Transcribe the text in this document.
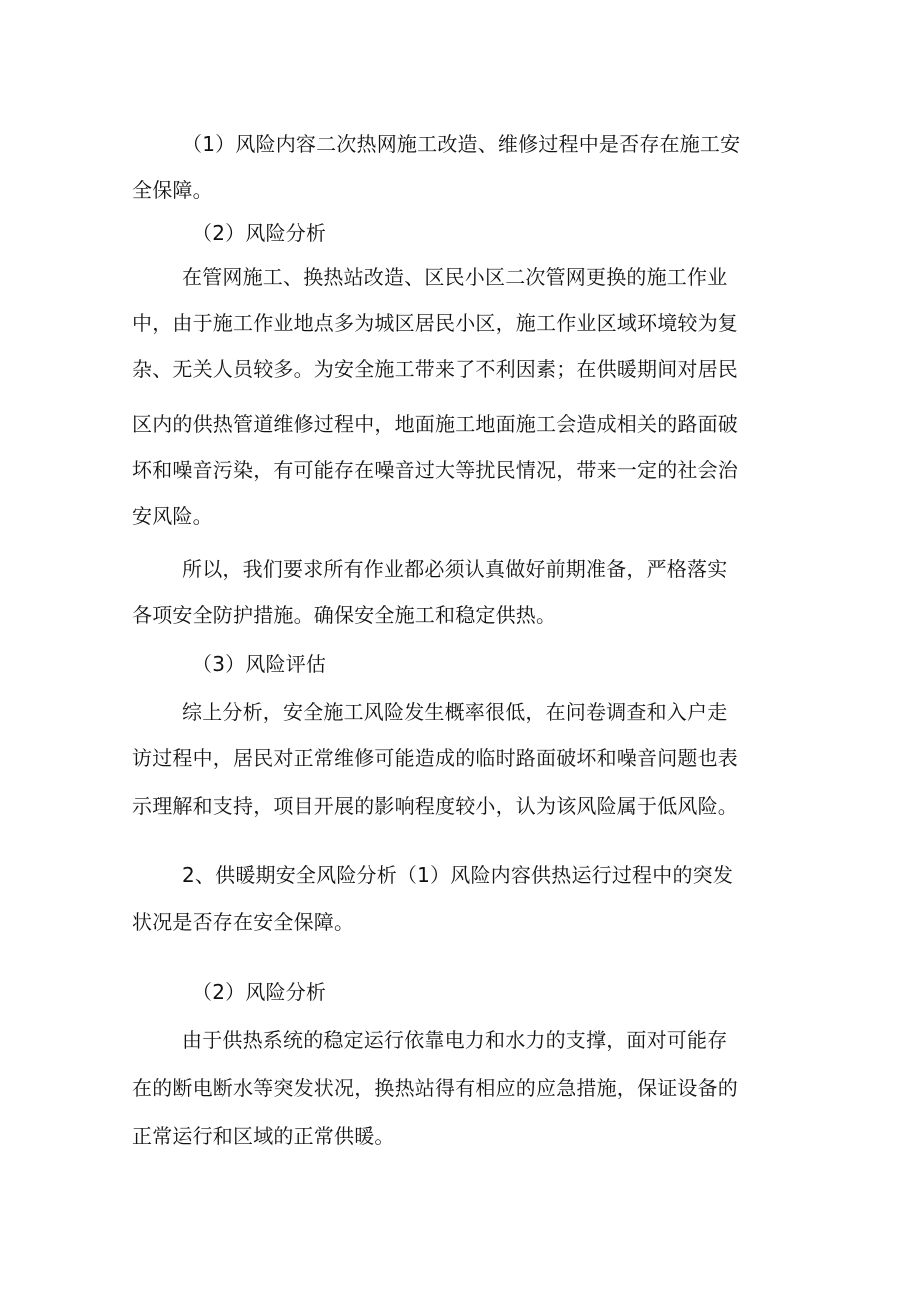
（1）风险内容二次热网施工改造、维修过程中是否存在施工安
全保障。
（2）风险分析
在管网施工、换热站改造、区民小区二次管网更换的施工作业
中，由于施工作业地点多为城区居民小区，施工作业区域环境较为复
杂、无关人员较多。为安全施工带来了不利因素；在供暖期间对居民
区内的供热管道维修过程中，地面施工地面施工会造成相关的路面破
坏和噪音污染，有可能存在噪音过大等扰民情况，带来一定的社会治
安风险。
所以，我们要求所有作业都必须认真做好前期准备，严格落实
各项安全防护措施。确保安全施工和稳定供热。
（3）风险评估
综上分析，安全施工风险发生概率很低，在问卷调查和入户走
访过程中，居民对正常维修可能造成的临时路面破坏和噪音问题也表
示理解和支持，项目开展的影响程度较小，认为该风险属于低风险。
2、供暖期安全风险分析（1）风险内容供热运行过程中的突发
状况是否存在安全保障。
（2）风险分析
由于供热系统的稳定运行依靠电力和水力的支撑，面对可能存
在的断电断水等突发状况，换热站得有相应的应急措施，保证设备的
正常运行和区域的正常供暖。
